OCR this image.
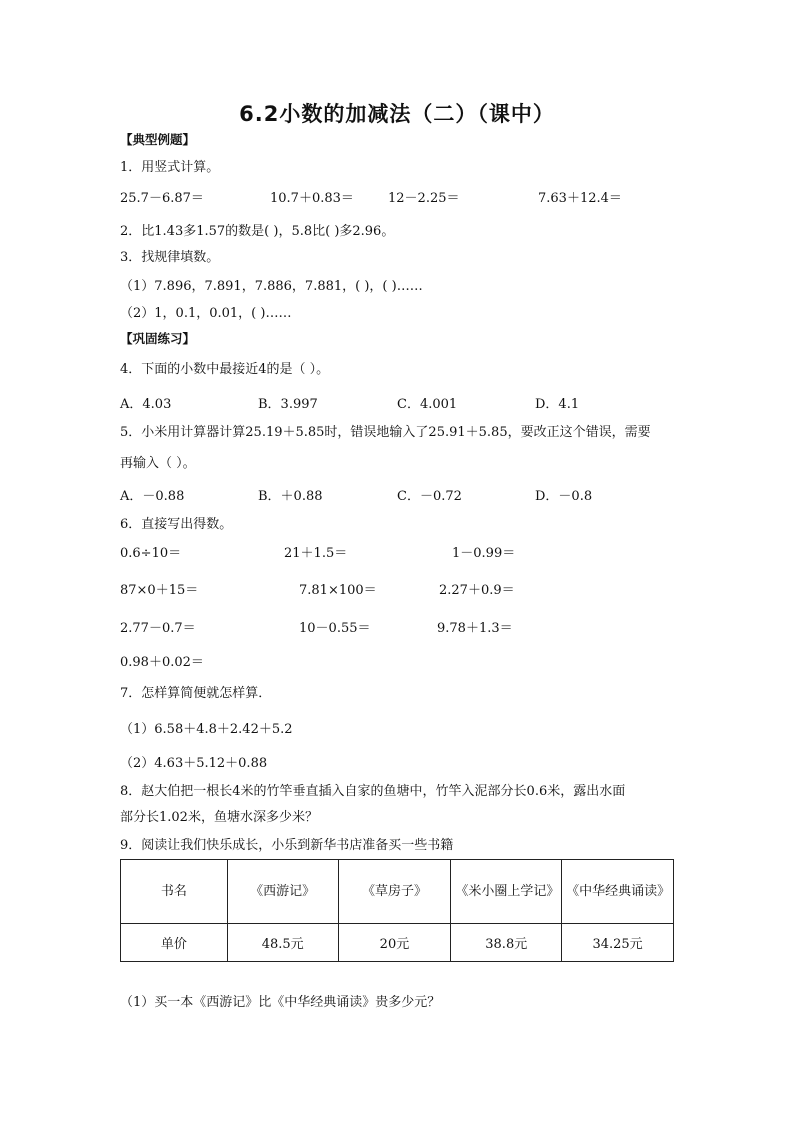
6.2小数的加减法（二）（课中）
【典型例题】
1．用竖式计算。
25.7－6.87＝	10.7＋0.83＝	12－2.25＝	7.63＋12.4＝
2．比1.43多1.57的数是( )，5.8比( )多2.96。
3．找规律填数。
（1）7.896，7.891，7.886，7.881，( )，( )……
（2）1，0.1，0.01，( )……
【巩固练习】
4．下面的小数中最接近4的是（ ）。
A．4.03	B．3.997	C．4.001	D．4.1
5．小米用计算器计算25.19＋5.85时，错误地输入了25.91＋5.85，要改正这个错误，需要
再输入（ ）。
A．－0.88	B．＋0.88	C．－0.72	D．－0.8
6．直接写出得数。
0.6÷10＝	21＋1.5＝	1－0.99＝
87×0＋15＝	7.81×100＝	2.27＋0.9＝
2.77－0.7＝	10－0.55＝	9.78＋1.3＝
0.98＋0.02＝
7．怎样算简便就怎样算．
（1）6.58＋4.8＋2.42＋5.2
（2）4.63＋5.12＋0.88
8．赵大伯把一根长4米的竹竿垂直插入自家的鱼塘中，竹竿入泥部分长0.6米，露出水面
部分长1.02米，鱼塘水深多少米？
9．阅读让我们快乐成长，小乐到新华书店准备买一些书籍
书名	《西游记》	《草房子》	《米小圈上学记》	《中华经典诵读》
单价	48.5元	20元	38.8元	34.25元
（1）买一本《西游记》比《中华经典诵读》贵多少元？
